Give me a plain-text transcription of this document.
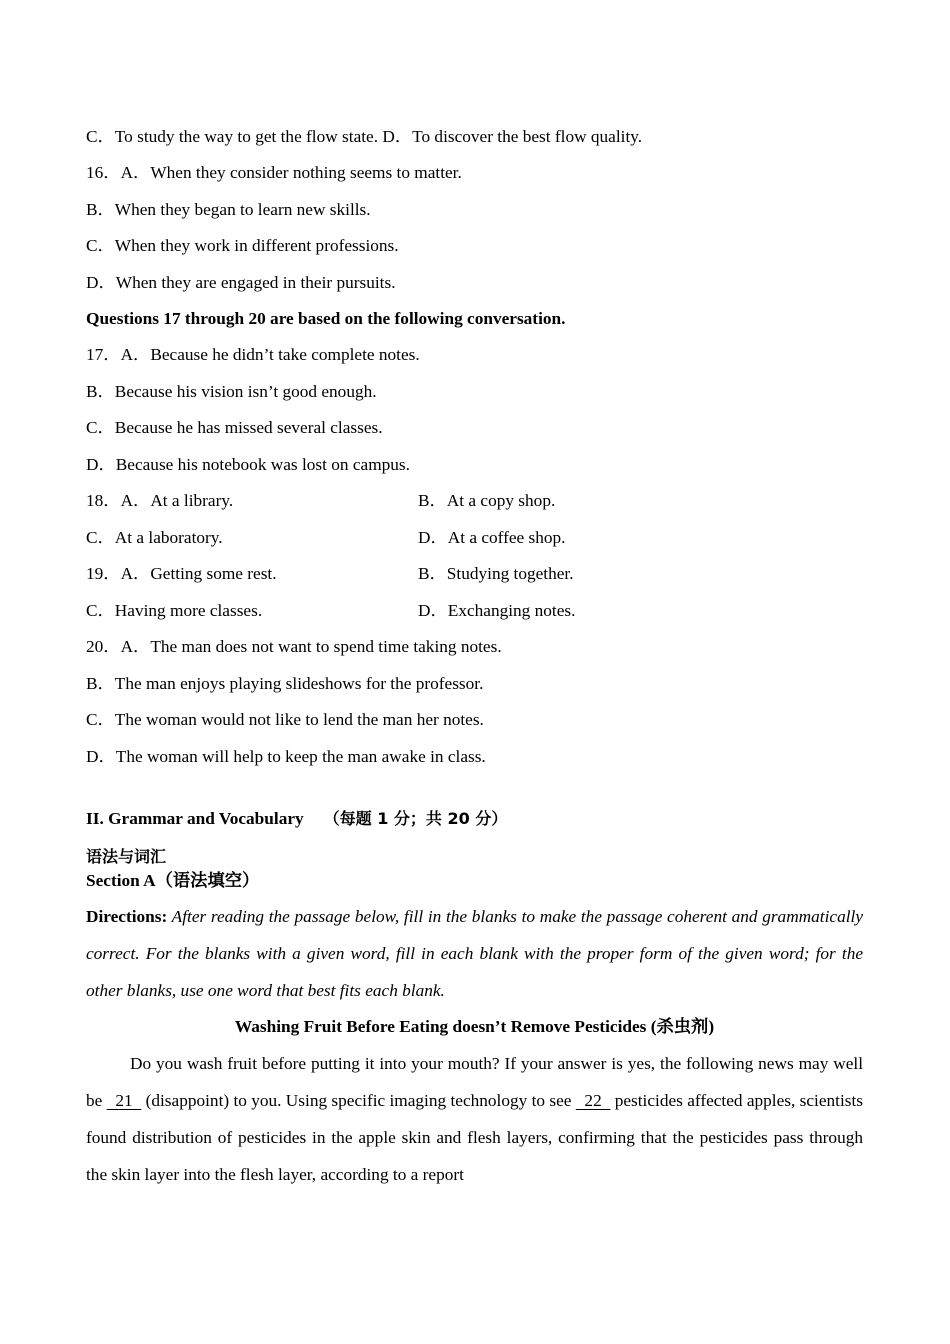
C．To study the way to get the flow state. D．To discover the best flow quality.
16．A．When they consider nothing seems to matter.
B．When they began to learn new skills.
C．When they work in different professions.
D．When they are engaged in their pursuits.
Questions 17 through 20 are based on the following conversation.
17．A．Because he didn’t take complete notes.
B．Because his vision isn’t good enough.
C．Because he has missed several classes.
D．Because his notebook was lost on campus.
18．A．At a library.	B．At a copy shop.
C．At a laboratory.	D．At a coffee shop.
19．A．Getting some rest.	B．Studying together.
C．Having more classes.	D．Exchanging notes.
20．A．The man does not want to spend time taking notes.
B．The man enjoys playing slideshows for the professor.
C．The woman would not like to lend the man her notes.
D．The woman will help to keep the man awake in class.
II. Grammar and Vocabulary （每题 1 分；共 20 分）
语法与词汇
Section A（语法填空）
Directions: After reading the passage below, fill in the blanks to make the passage coherent and grammatically correct. For the blanks with a given word, fill in each blank with the proper form of the given word; for the other blanks, use one word that best fits each blank.
Washing Fruit Before Eating doesn’t Remove Pesticides (杀虫剂)
Do you wash fruit before putting it into your mouth? If your answer is yes, the following news may well be   21   (disappoint) to you. Using specific imaging technology to see   22   pesticides affected apples, scientists found distribution of pesticides in the apple skin and flesh layers, confirming that the pesticides pass through the skin layer into the flesh layer, according to a report
